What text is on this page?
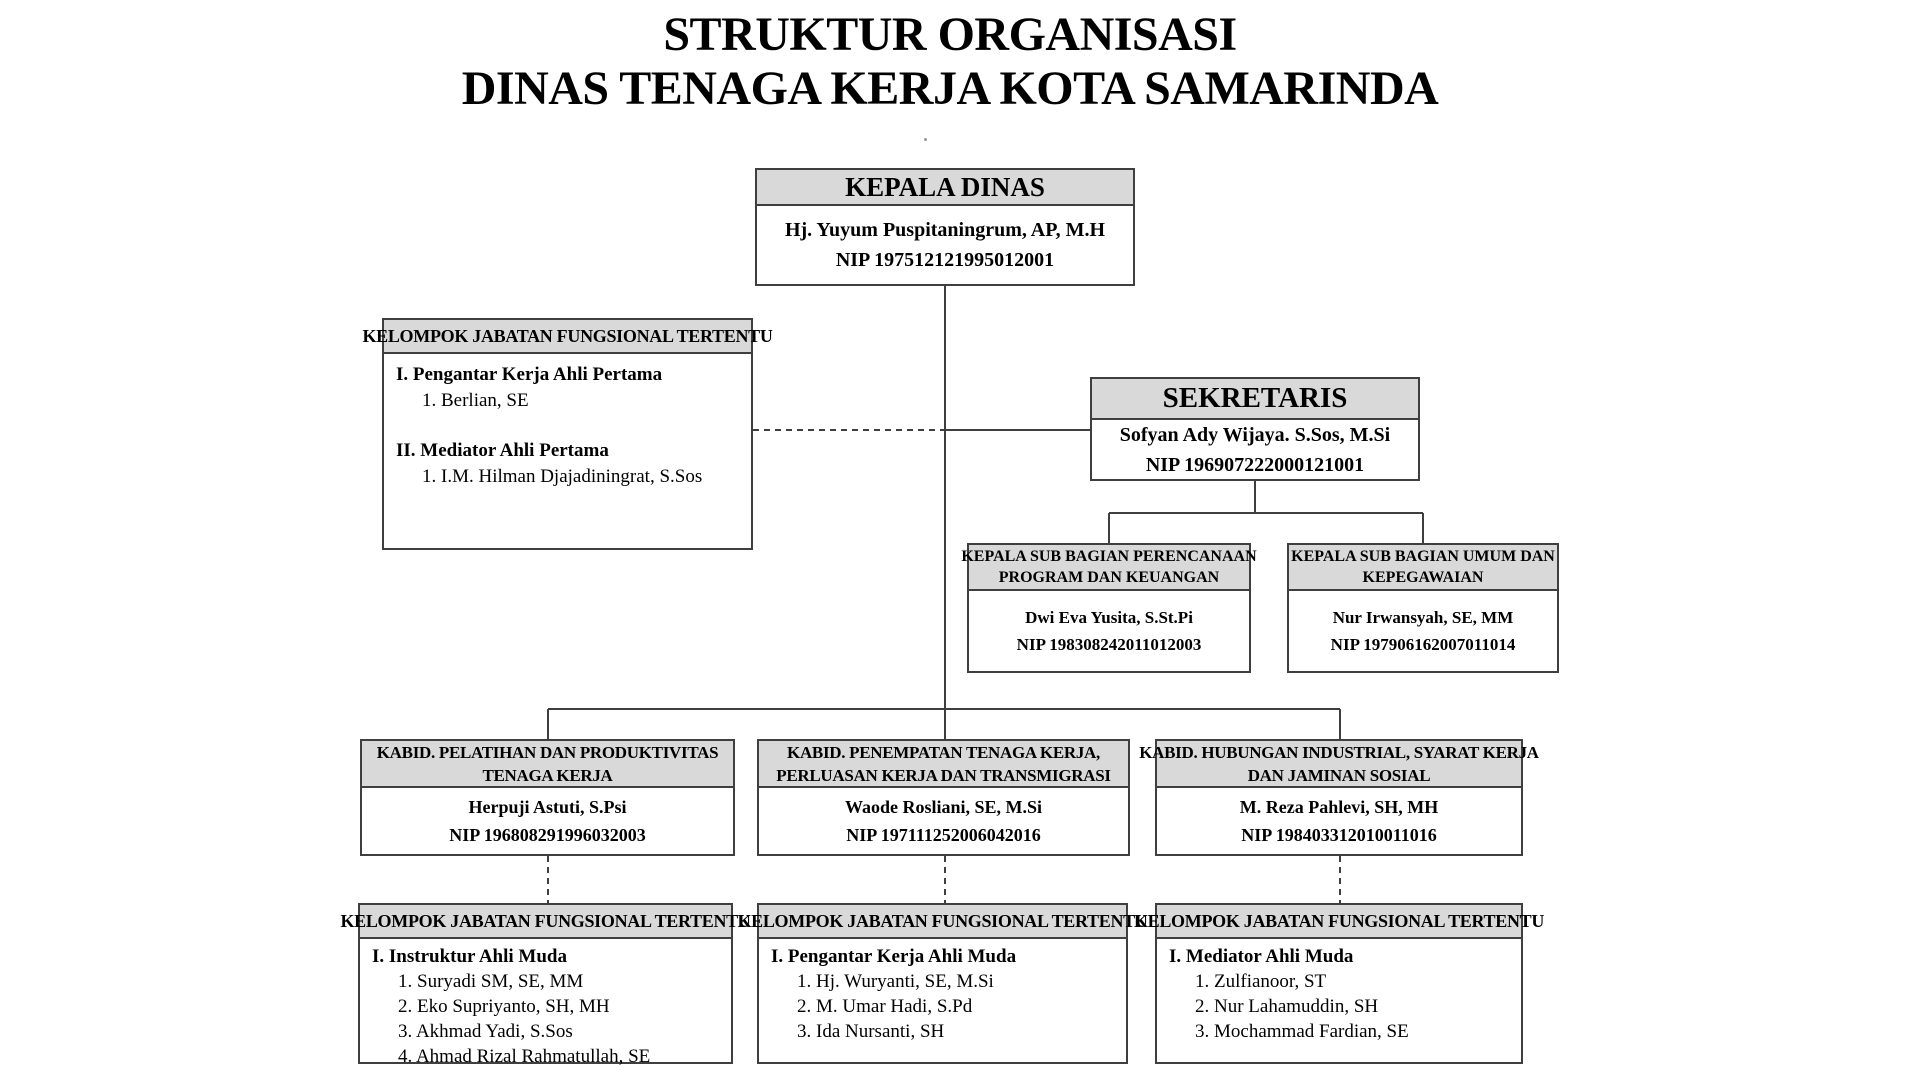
STRUKTUR ORGANISASI
DINAS TENAGA KERJA KOTA SAMARINDA
KEPALA DINAS
Hj. Yuyum Puspitaningrum, AP, M.H
NIP 197512121995012001
KELOMPOK JABATAN FUNGSIONAL TERTENTU
I. Pengantar Kerja Ahli Pertama
1. Berlian, SE
II. Mediator Ahli Pertama
1. I.M. Hilman Djajadiningrat, S.Sos
SEKRETARIS
Sofyan Ady Wijaya. S.Sos, M.Si
NIP 196907222000121001
KEPALA SUB BAGIAN PERENCANAAN
PROGRAM DAN KEUANGAN
Dwi Eva Yusita, S.St.Pi
NIP 198308242011012003
KEPALA SUB BAGIAN UMUM DAN
KEPEGAWAIAN
Nur Irwansyah, SE, MM
NIP 197906162007011014
KABID. PELATIHAN DAN PRODUKTIVITAS
TENAGA KERJA
Herpuji Astuti, S.Psi
NIP 196808291996032003
KABID. PENEMPATAN TENAGA KERJA,
PERLUASAN KERJA DAN TRANSMIGRASI
Waode Rosliani, SE, M.Si
NIP 197111252006042016
KABID. HUBUNGAN INDUSTRIAL, SYARAT KERJA
DAN JAMINAN SOSIAL
M. Reza Pahlevi, SH, MH
NIP 198403312010011016
KELOMPOK JABATAN FUNGSIONAL TERTENTU
I. Instruktur Ahli Muda
1. Suryadi SM, SE, MM
2. Eko Supriyanto, SH, MH
3. Akhmad Yadi, S.Sos
4. Ahmad Rizal Rahmatullah, SE
KELOMPOK JABATAN FUNGSIONAL TERTENTU
I. Pengantar Kerja Ahli Muda
1. Hj. Wuryanti, SE, M.Si
2. M. Umar Hadi, S.Pd
3. Ida Nursanti, SH
KELOMPOK JABATAN FUNGSIONAL TERTENTU
I. Mediator Ahli Muda
1. Zulfianoor, ST
2. Nur Lahamuddin, SH
3. Mochammad Fardian, SE
